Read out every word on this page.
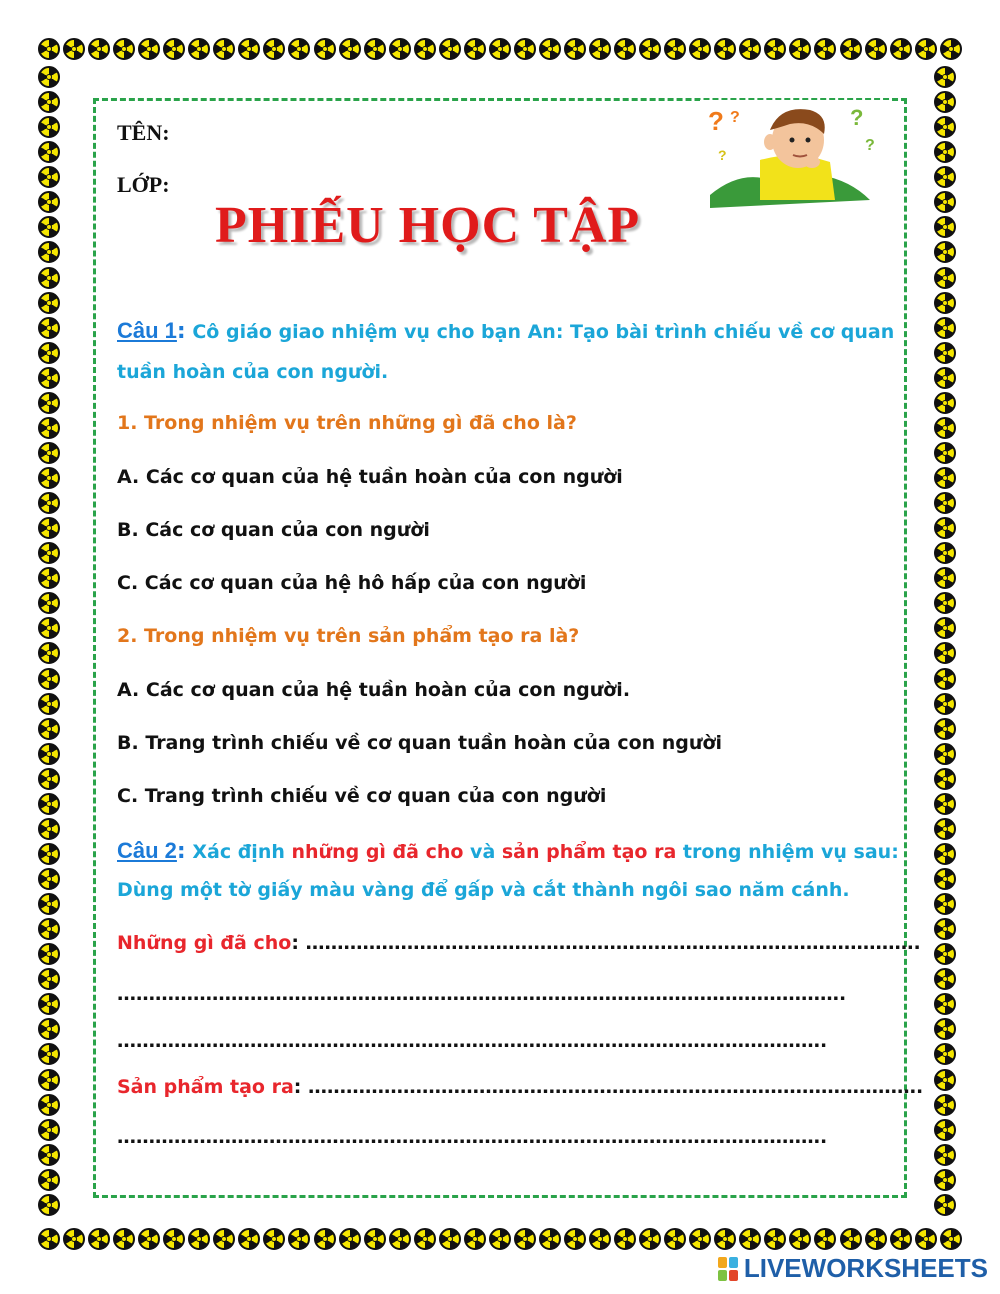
TÊN:
LỚP:
PHIẾU HỌC TẬP
? ?	?
?
?
Câu 1: Cô giáo giao nhiệm vụ cho bạn An: Tạo bài trình chiếu về cơ quan
tuần hoàn của con người.
1. Trong nhiệm vụ trên những gì đã cho là?
A. Các cơ quan của hệ tuần hoàn của con người
B. Các cơ quan của con người
C. Các cơ quan của hệ hô hấp của con người
2. Trong nhiệm vụ trên sản phẩm tạo ra là?
A. Các cơ quan của hệ tuần hoàn của con người.
B. Trang trình chiếu về cơ quan tuần hoàn của con người
C. Trang trình chiếu về cơ quan của con người
Câu 2: Xác định những gì đã cho và sản phẩm tạo ra trong nhiệm vụ sau:
Dùng một tờ giấy màu vàng để gấp và cắt thành ngôi sao năm cánh.
Những gì đã cho: …………………………………………………………………………………….
…………………………………………………………………………………………………….
………………………………………………………………………………………………….
Sản phẩm tạo ra: …………………………………………………………………………………….
………………………………………………………………………………………………….
LIVEWORKSHEETS
